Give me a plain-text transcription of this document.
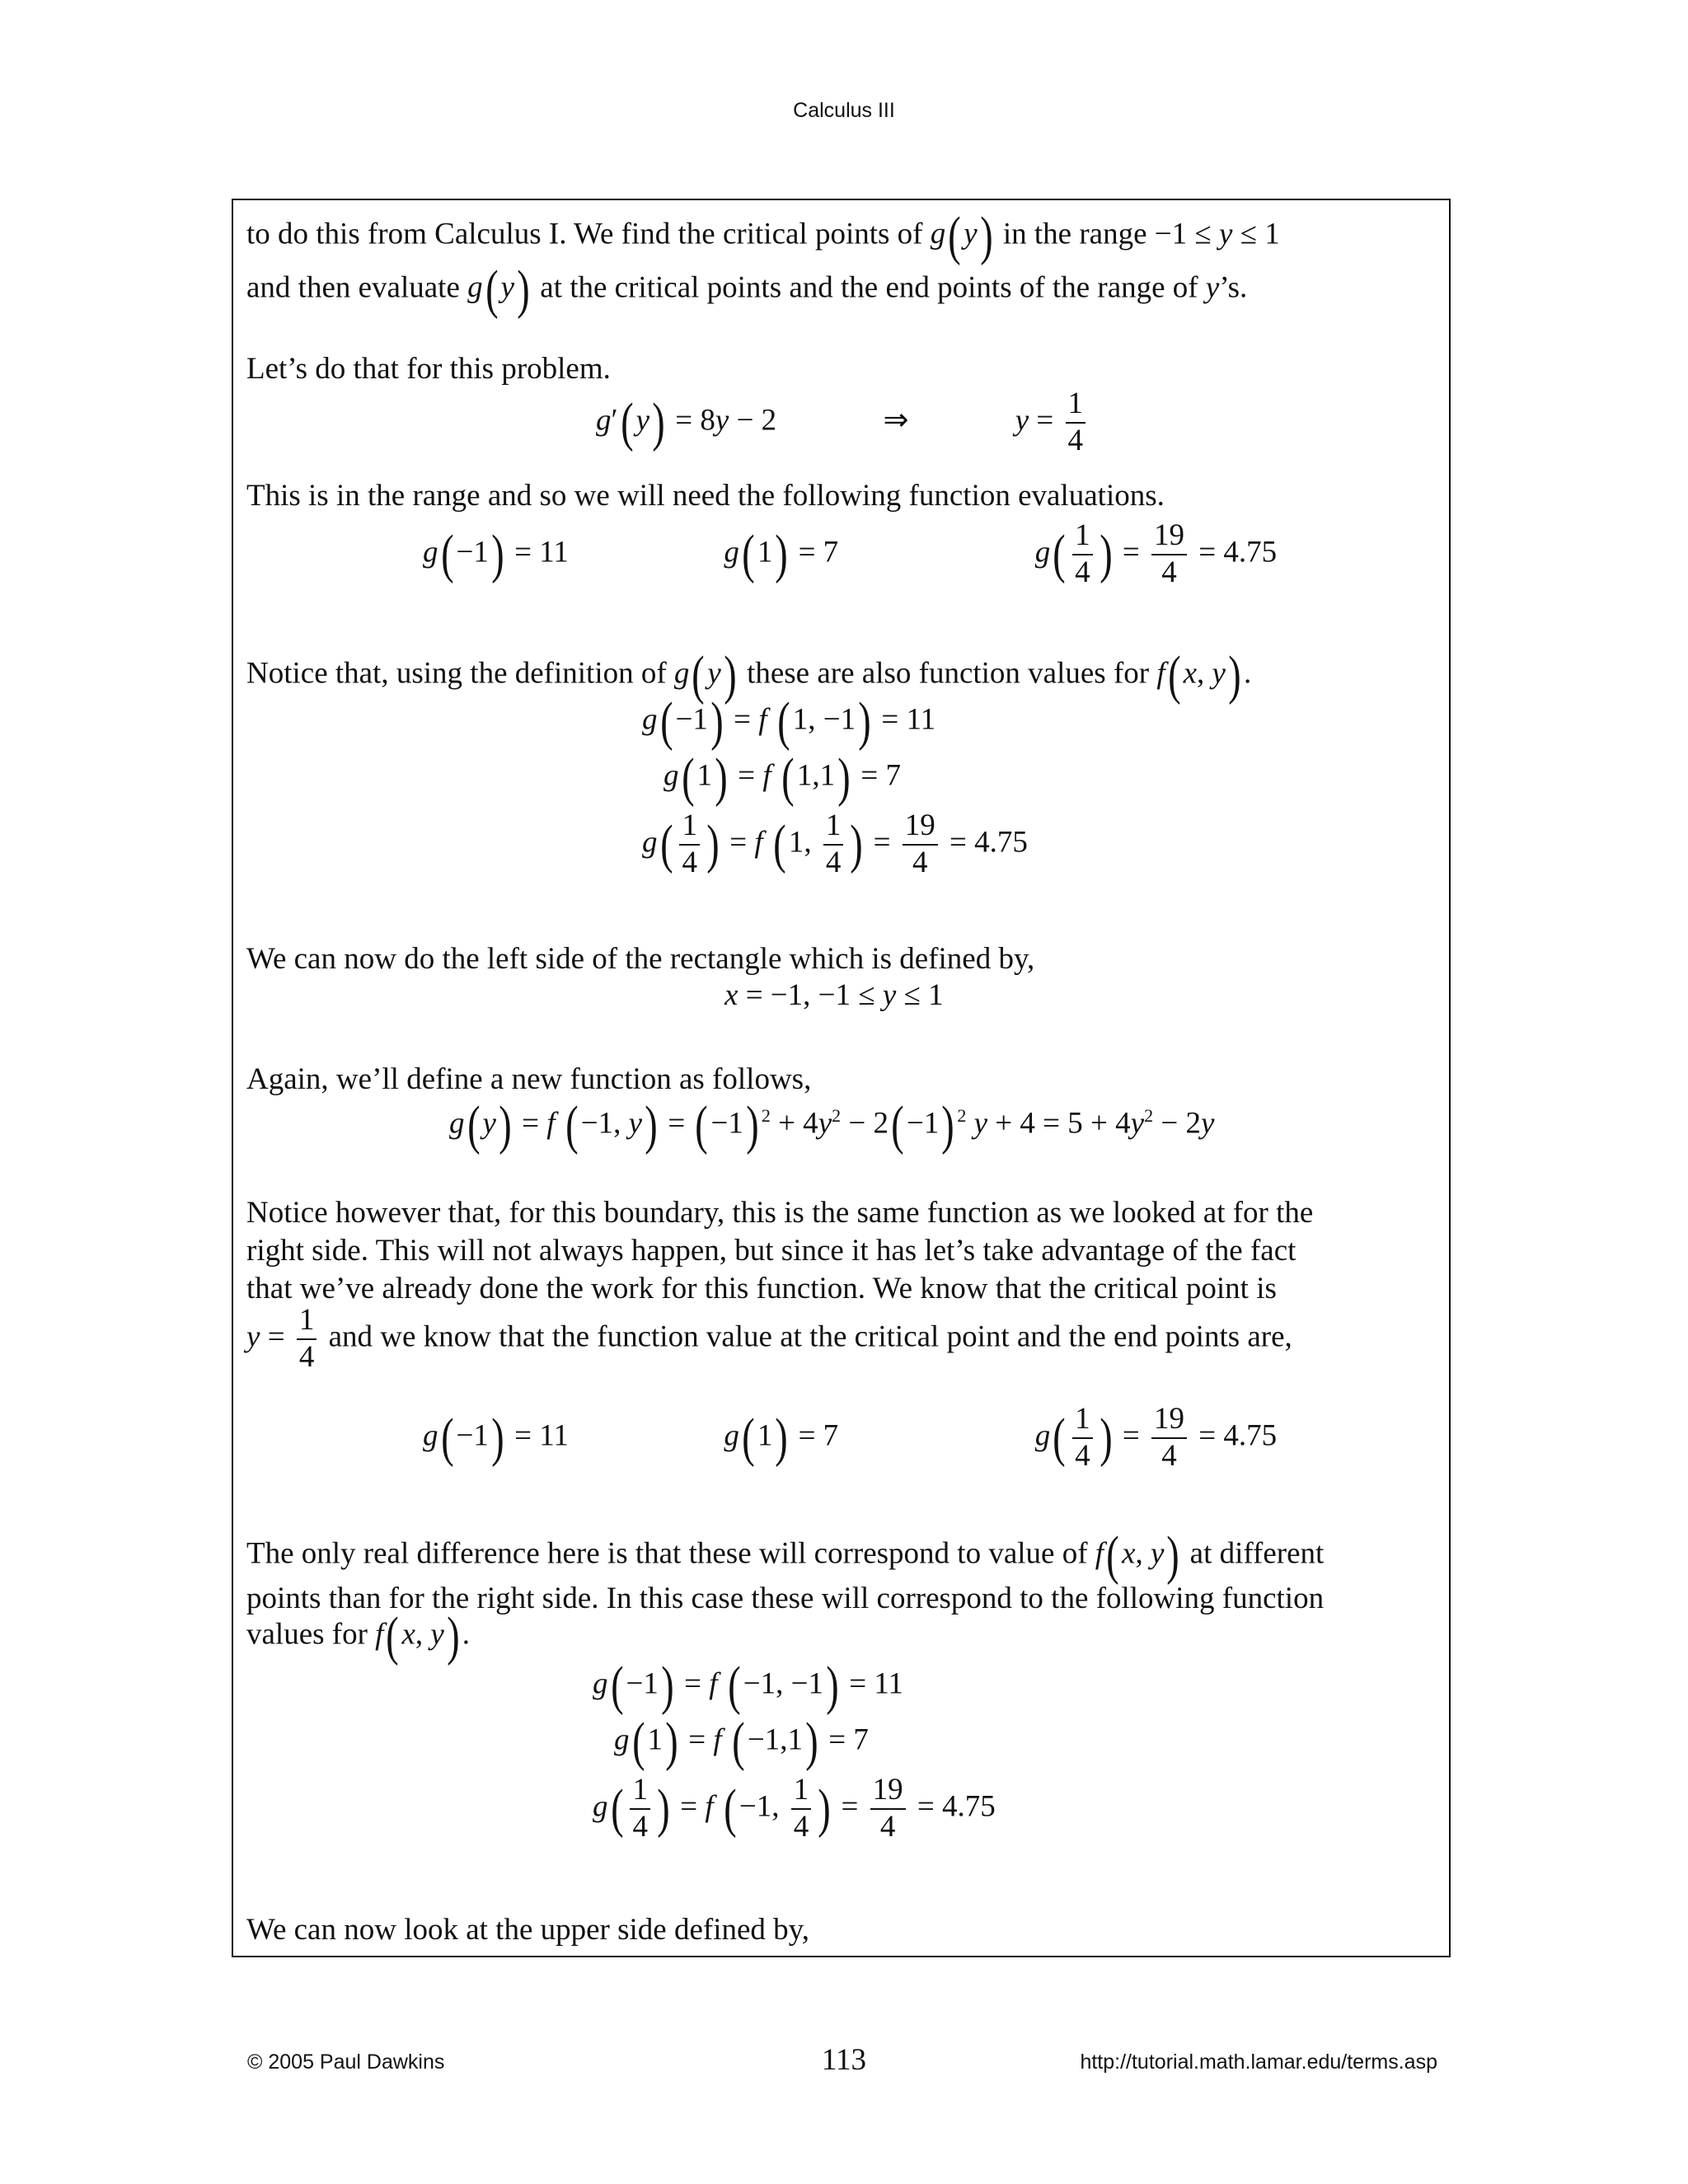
Calculus III
to do this from Calculus I. We find the critical points of g(y) in the range −1 ≤ y ≤ 1
and then evaluate g(y) at the critical points and the end points of the range of y’s.
Let’s do that for this problem.
g′(y) = 8y − 2	⇒	$y = \frac{1}{4}$
This is in the range and so we will need the following function evaluations.
g(−1) = 11	g(1) = 7	$g( \frac{1}{4}$ ) = $\frac{19}{4} = 4.75$
Notice that, using the definition of g(y) these are also function values for f(x, y).
g(−1) = f (1, −1) = 11
g(1) = f (1,1) = 7
$g( \frac{1}{4}$ ) = f (1, $\frac{1}{4}$ ) = $\frac{19}{4} = 4.75$
We can now do the left side of the rectangle which is defined by,
x = −1, −1 ≤ y ≤ 1
Again, we’ll define a new function as follows,
g(y) = f (−1, y) = (−1) $^2 + 4y^2 - 2(-1)$ $^2$ $y + 4 = 5 + 4y^2 - 2y$
Notice however that, for this boundary, this is the same function as we looked at for the
right side. This will not always happen, but since it has let’s take advantage of the fact
that we’ve already done the work for this function. We know that the critical point is
$y = \frac{1}{4}$ and we know that the function value at the critical point and the end points are,
g(−1) = 11	g(1) = 7	$g( \frac{1}{4}$ ) = $\frac{19}{4} = 4.75$
The only real difference here is that these will correspond to value of f(x, y) at different
points than for the right side. In this case these will correspond to the following function
values for f(x, y).
g(−1) = f (−1, −1) = 11
g(1) = f (−1,1) = 7
$g( \frac{1}{4}$ ) = f (−1, $\frac{1}{4}$ ) = $\frac{19}{4} = 4.75$
We can now look at the upper side defined by,
© 2005 Paul Dawkins	113	http://tutorial.math.lamar.edu/terms.asp
